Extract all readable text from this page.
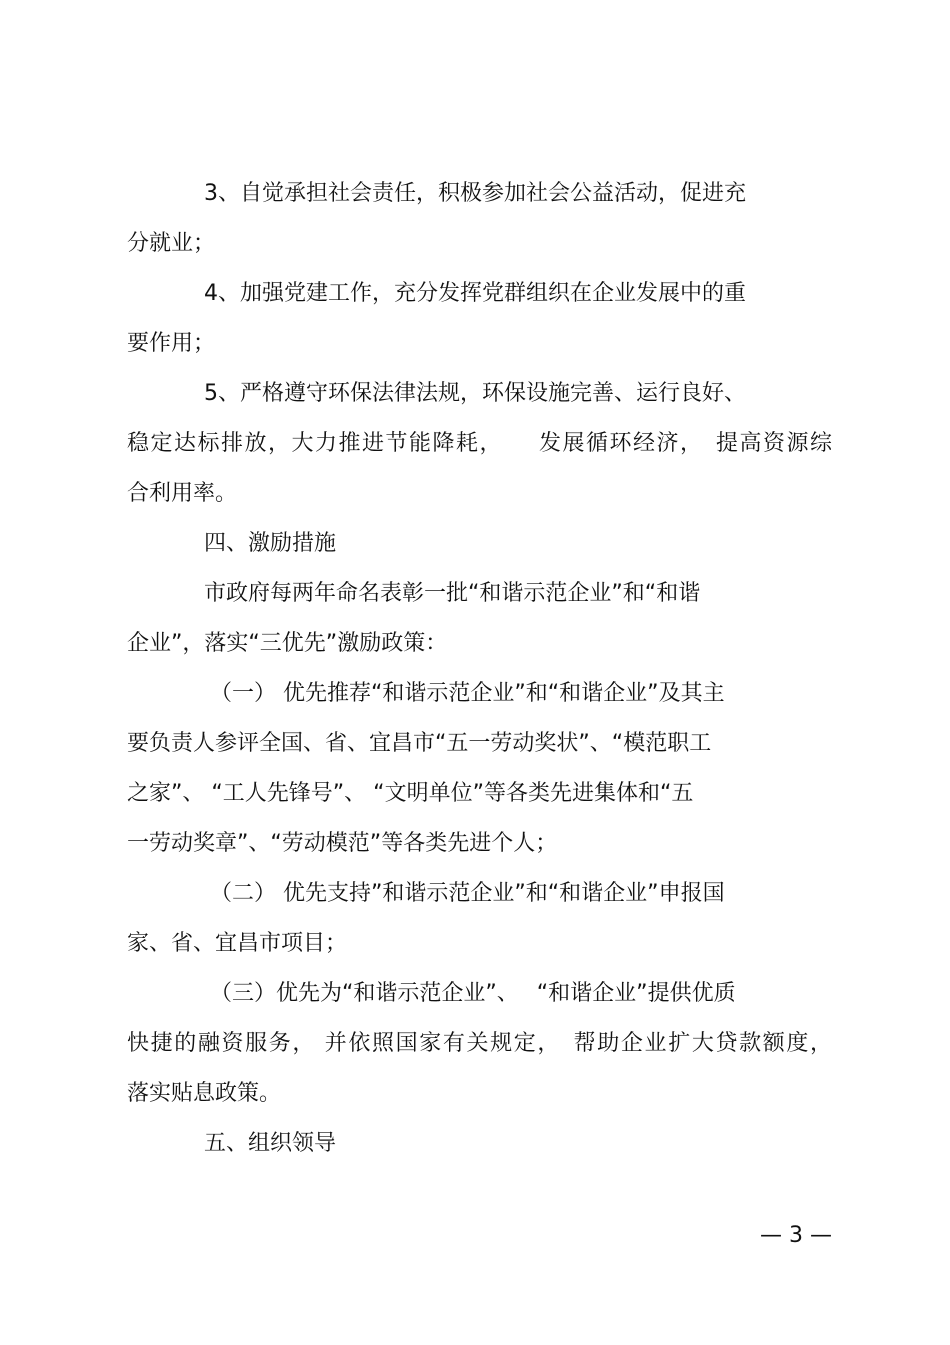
3、自觉承担社会责任，积极参加社会公益活动，促进充
分就业；
4、加强党建工作，充分发挥党群组织在企业发展中的重
要作用；
5、严格遵守环保法律法规，环保设施完善、运行良好、
稳定达标排放，大力推进节能降耗，　　发展循环经济，　提高资源综
合利用率。
四、激励措施
市政府每两年命名表彰一批“和谐示范企业”和“和谐
企业”，落实“三优先”激励政策：
（一） 优先推荐“和谐示范企业”和“和谐企业”及其主
要负责人参评全国、省、宜昌市“五一劳动奖状”、“模范职工
之家”、 “工人先锋号”、 “文明单位”等各类先进集体和“五
一劳动奖章”、“劳动模范”等各类先进个人；
（二） 优先支持”和谐示范企业”和“和谐企业”申报国
家、省、宜昌市项目；
（三）优先为“和谐示范企业”、　 “和谐企业”提供优质
快捷的融资服务， 并依照国家有关规定，　帮助企业扩大贷款额度，
落实贴息政策。
五、组织领导
— 3 —
